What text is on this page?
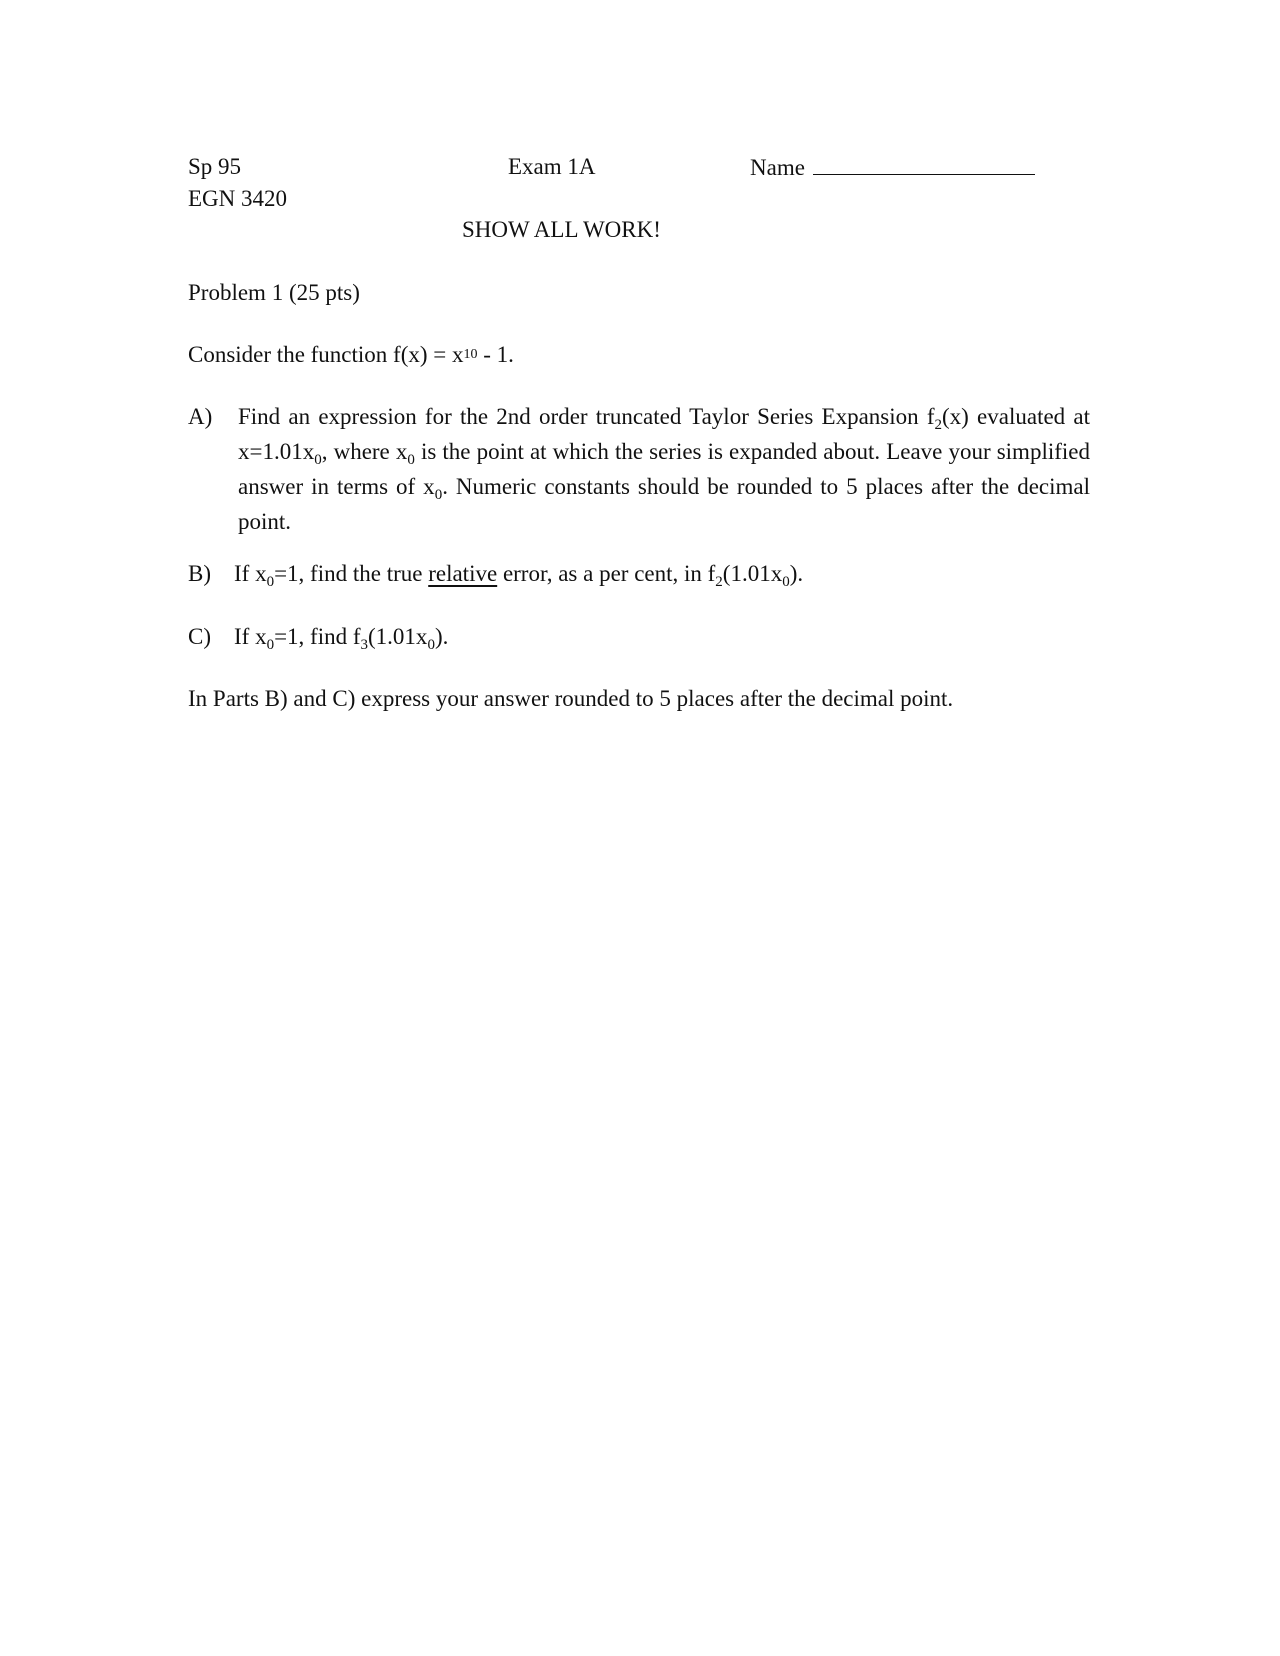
Sp 95
EGN 3420
Exam 1A	Name
SHOW ALL WORK!
Problem 1 (25 pts)
Consider the function $f(x) = x^{10} - 1$.
A) Find an expression for the 2nd order truncated Taylor Series Expansion $f_2(x)$ evaluated at $x=1.01x_0$, where $x_0$ is the point at which the series is expanded about. Leave your simplified answer in terms of $x_0$. Numeric constants should be rounded to 5 places after the decimal point.
B) If $x_0=1$, find the true relative error, as a per cent, in $f_2(1.01x_0)$.
C) If $x_0=1$, find $f_3(1.01x_0)$.
In Parts B) and C) express your answer rounded to 5 places after the decimal point.
